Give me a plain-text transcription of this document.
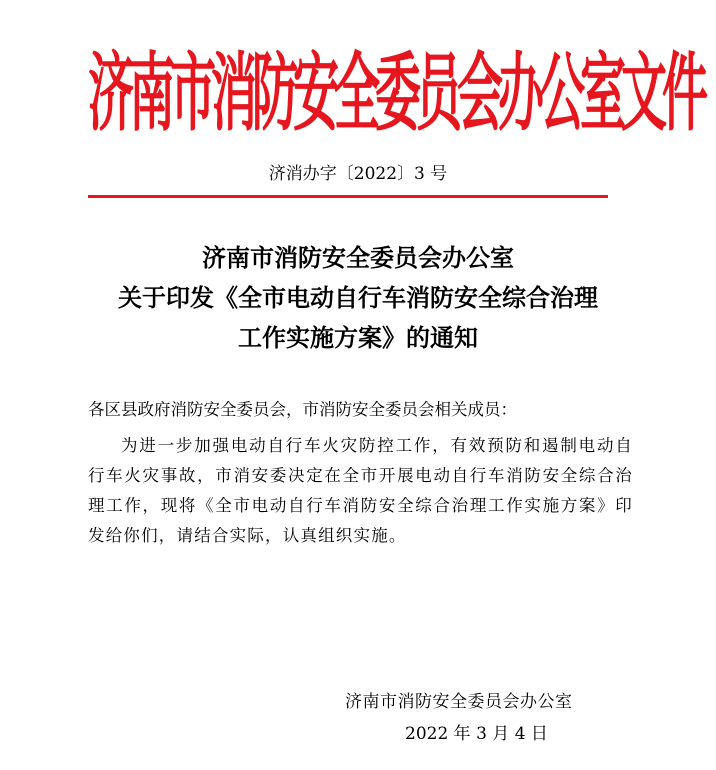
济南市消防安全委员会办公室文件
济消办字〔2022〕3 号
济南市消防安全委员会办公室
关于印发《全市电动自行车消防安全综合治理
工作实施方案》的通知

各区县政府消防安全委员会，市消防安全委员会相关成员：

为进一步加强电动自行车火灾防控工作，有效预防和遏制电动自行车火灾事故，市消安委决定在全市开展电动自行车消防安全综合治理工作，现将《全市电动自行车消防安全综合治理工作实施方案》印发给你们，请结合实际，认真组织实施。

济南市消防安全委员会办公室
2022 年 3 月 4 日
